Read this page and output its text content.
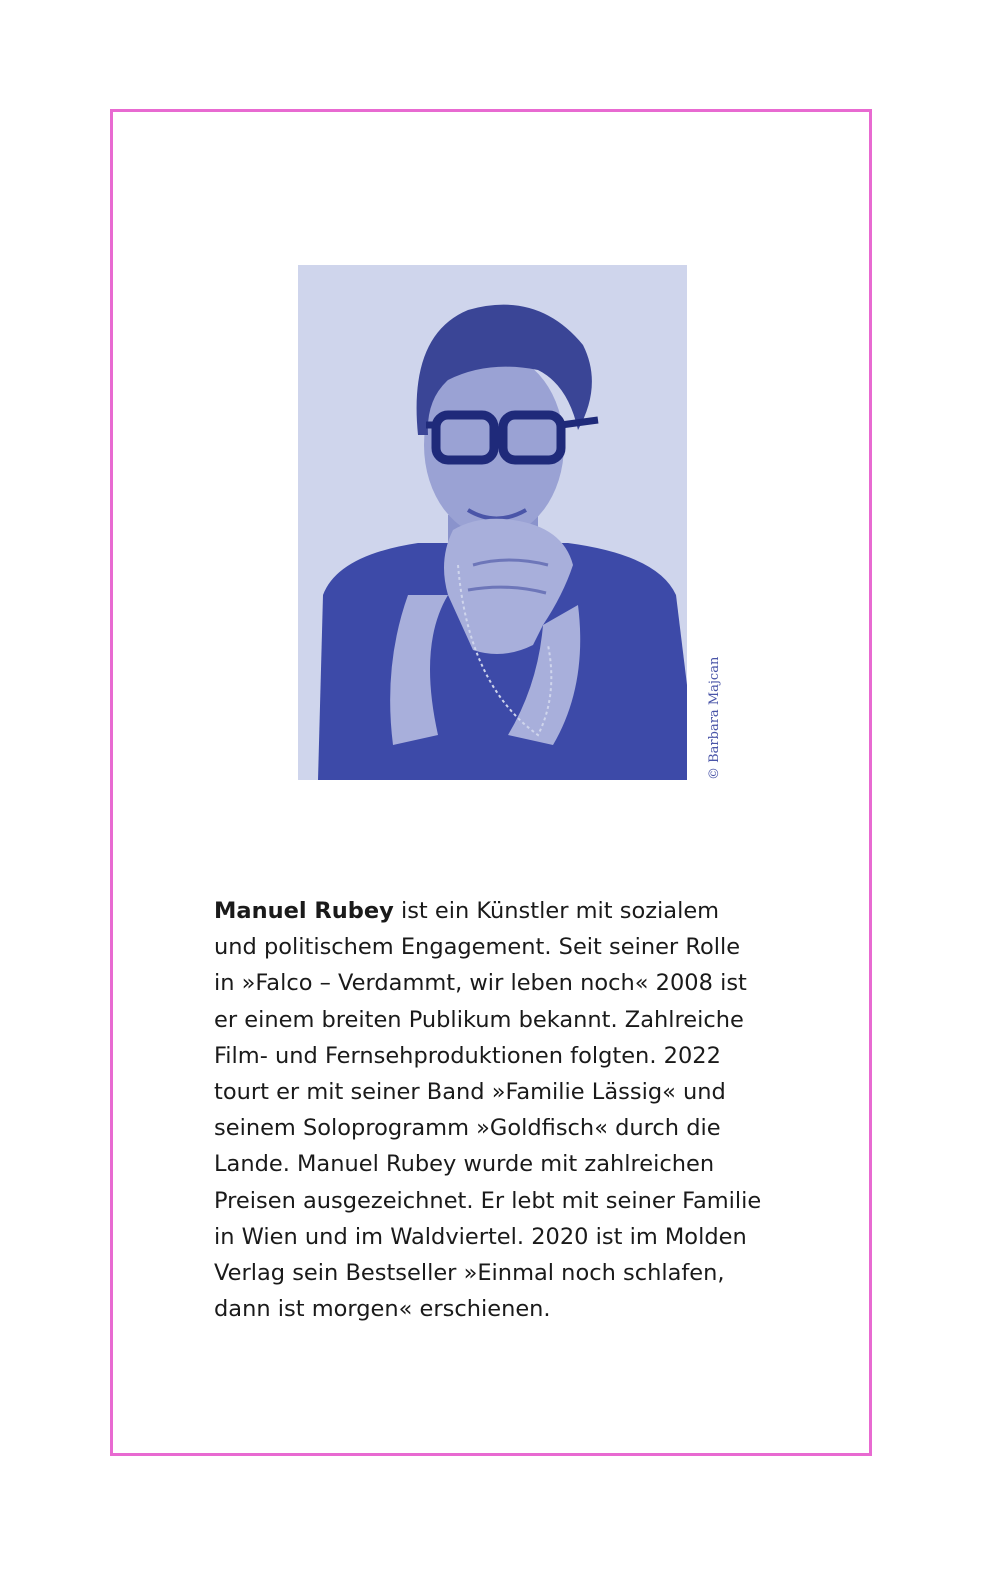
© Barbara Majcan

Manuel Rubey ist ein Künstler mit sozialem
und politischem Engagement. Seit seiner Rolle
in »Falco – Verdammt, wir leben noch« 2008 ist
er einem breiten Publikum bekannt. Zahlreiche
Film- und Fernsehproduktionen folgten. 2022
tourt er mit seiner Band »Familie Lässig« und
seinem Soloprogramm »Goldfisch« durch die
Lande. Manuel Rubey wurde mit zahlreichen
Preisen ausgezeichnet. Er lebt mit seiner Familie
in Wien und im Waldviertel. 2020 ist im Molden
Verlag sein Bestseller »Einmal noch schlafen,
dann ist morgen« erschienen.
